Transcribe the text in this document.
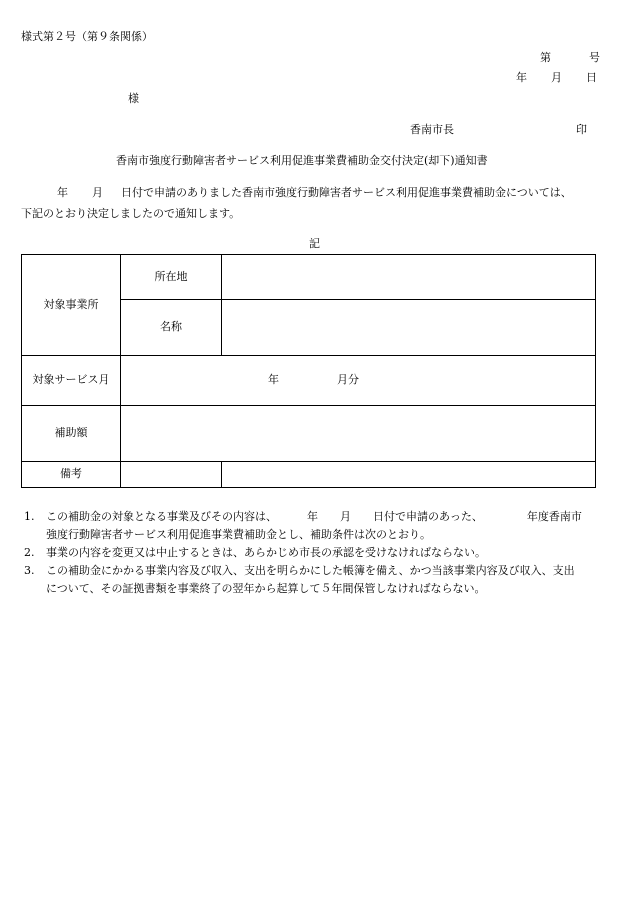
様式第２号（第９条関係）
第	号
年 月 日
様
香南市長	印
香南市強度行動障害者サービス利用促進事業費補助金交付決定(却下)通知書
年 月 日付で申請のありました香南市強度行動障害者サービス利用促進事業費補助金については、
下記のとおり決定しましたので通知します。
記
対象事業所	所在地	
	名称	
対象サービス月	年 月分	
補助額		
備考		
1.	この補助金の対象となる事業及びその内容は、	年 月 日付で申請のあった、	年度香南市
強度行動障害者サービス利用促進事業費補助金とし、補助条件は次のとおり。
2.	事業の内容を変更又は中止するときは、あらかじめ市長の承認を受けなければならない。
3.	この補助金にかかる事業内容及び収入、支出を明らかにした帳簿を備え、かつ当該事業内容及び収入、支出
について、その証拠書類を事業終了の翌年から起算して５年間保管しなければならない。
